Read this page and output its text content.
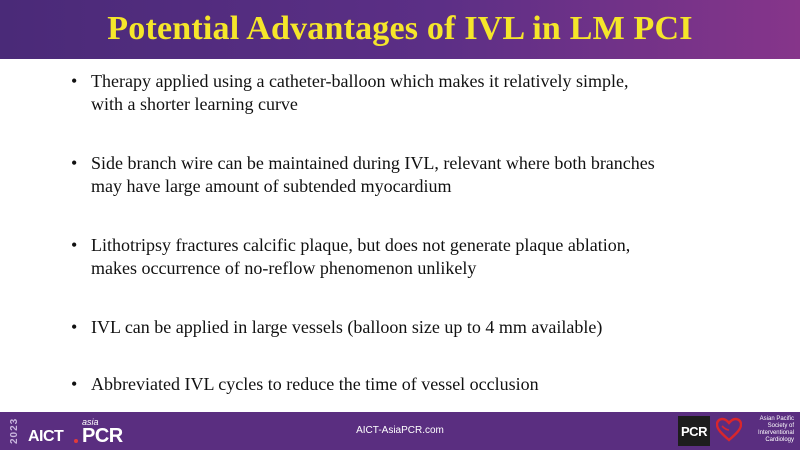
Potential Advantages of IVL in LM PCI
• Therapy applied using a catheter-balloon which makes it relatively simple,
with a shorter learning curve
• Side branch wire can be maintained during IVL, relevant where both branches
may have large amount of subtended myocardium
• Lithotripsy fractures calcific plaque, but does not generate plaque ablation,
makes occurrence of no-reflow phenomenon unlikely
• IVL can be applied in large vessels (balloon size up to 4 mm available)
• Abbreviated IVL cycles to reduce the time of vessel occlusion
2023 AICT
asia
PCR	AICT-AsiaPCR.com	PCR
Asian Pacific
Society of
Interventional
Cardiology
